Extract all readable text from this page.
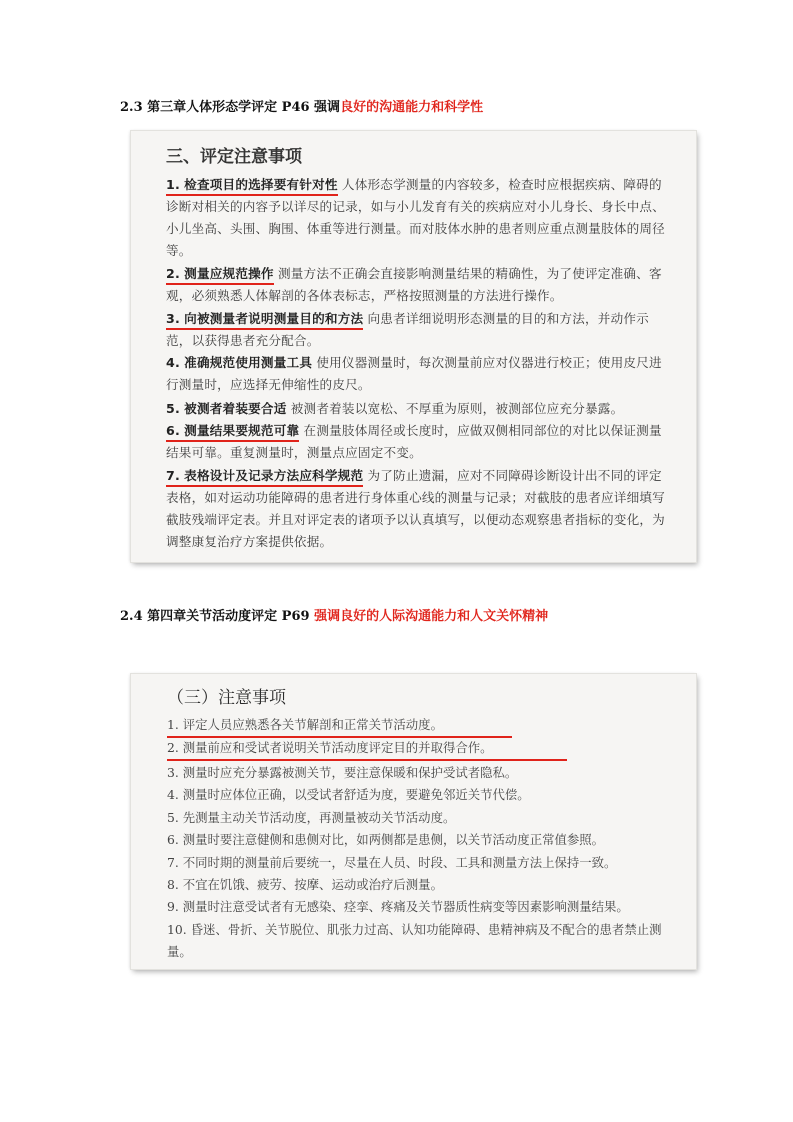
2.3 第三章人体形态学评定 P46 强调良好的沟通能力和科学性
三、评定注意事项
1. 检查项目的选择要有针对性 人体形态学测量的内容较多，检查时应根据疾病、障碍的诊断对相关的内容予以详尽的记录，如与小儿发育有关的疾病应对小儿身长、身长中点、小儿坐高、头围、胸围、体重等进行测量。而对肢体水肿的患者则应重点测量肢体的周径等。
2. 测量应规范操作 测量方法不正确会直接影响测量结果的精确性，为了使评定准确、客观，必须熟悉人体解剖的各体表标志，严格按照测量的方法进行操作。
3. 向被测量者说明测量目的和方法 向患者详细说明形态测量的目的和方法，并动作示范，以获得患者充分配合。
4. 准确规范使用测量工具 使用仪器测量时，每次测量前应对仪器进行校正；使用皮尺进行测量时，应选择无伸缩性的皮尺。
5. 被测者着装要合适 被测者着装以宽松、不厚重为原则，被测部位应充分暴露。
6. 测量结果要规范可靠 在测量肢体周径或长度时，应做双侧相同部位的对比以保证测量结果可靠。重复测量时，测量点应固定不变。
7. 表格设计及记录方法应科学规范 为了防止遗漏，应对不同障碍诊断设计出不同的评定表格，如对运动功能障碍的患者进行身体重心线的测量与记录；对截肢的患者应详细填写截肢残端评定表。并且对评定表的诸项予以认真填写，以便动态观察患者指标的变化，为调整康复治疗方案提供依据。
2.4 第四章关节活动度评定 P69 强调良好的人际沟通能力和人文关怀精神
（三）注意事项
1. 评定人员应熟悉各关节解剖和正常关节活动度。
2. 测量前应和受试者说明关节活动度评定目的并取得合作。
3. 测量时应充分暴露被测关节，要注意保暖和保护受试者隐私。
4. 测量时应体位正确，以受试者舒适为度，要避免邻近关节代偿。
5. 先测量主动关节活动度，再测量被动关节活动度。
6. 测量时要注意健侧和患侧对比，如两侧都是患侧，以关节活动度正常值参照。
7. 不同时期的测量前后要统一，尽量在人员、时段、工具和测量方法上保持一致。
8. 不宜在饥饿、疲劳、按摩、运动或治疗后测量。
9. 测量时注意受试者有无感染、痉挛、疼痛及关节器质性病变等因素影响测量结果。
10. 昏迷、骨折、关节脱位、肌张力过高、认知功能障碍、患精神病及不配合的患者禁止测量。
